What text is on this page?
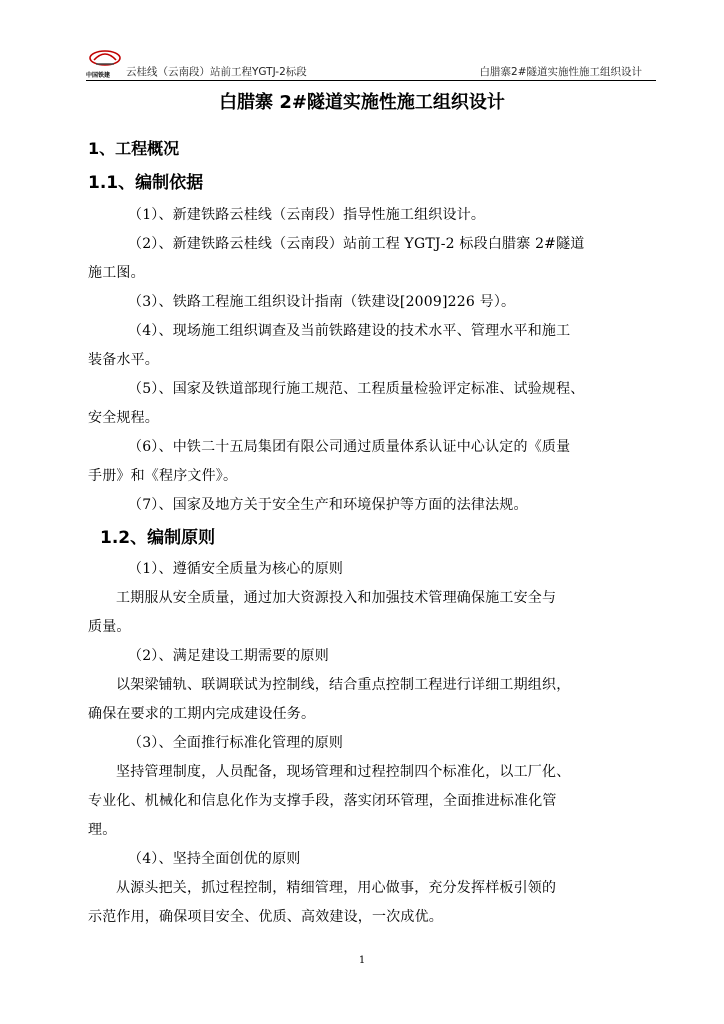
中国铁建 云桂线（云南段）站前工程YGTJ-2标段	白腊寨2#隧道实施性施工组织设计
白腊寨 2#隧道实施性施工组织设计
1、工程概况
1.1、编制依据
（1）、新建铁路云桂线（云南段）指导性施工组织设计。
（2）、新建铁路云桂线（云南段）站前工程 YGTJ-2 标段白腊寨 2#隧道
施工图。
（3）、铁路工程施工组织设计指南（铁建设[2009]226 号）。
（4）、现场施工组织调查及当前铁路建设的技术水平、管理水平和施工
装备水平。
（5）、国家及铁道部现行施工规范、工程质量检验评定标准、试验规程、
安全规程。
（6）、中铁二十五局集团有限公司通过质量体系认证中心认定的《质量
手册》和《程序文件》。
（7）、国家及地方关于安全生产和环境保护等方面的法律法规。
1.2、编制原则
（1）、遵循安全质量为核心的原则
工期服从安全质量，通过加大资源投入和加强技术管理确保施工安全与
质量。
（2）、满足建设工期需要的原则
以架梁铺轨、联调联试为控制线，结合重点控制工程进行详细工期组织，
确保在要求的工期内完成建设任务。
（3）、全面推行标准化管理的原则
坚持管理制度，人员配备，现场管理和过程控制四个标准化，以工厂化、
专业化、机械化和信息化作为支撑手段，落实闭环管理，全面推进标准化管
理。
（4）、坚持全面创优的原则
从源头把关，抓过程控制，精细管理，用心做事，充分发挥样板引领的
示范作用，确保项目安全、优质、高效建设，一次成优。
1
